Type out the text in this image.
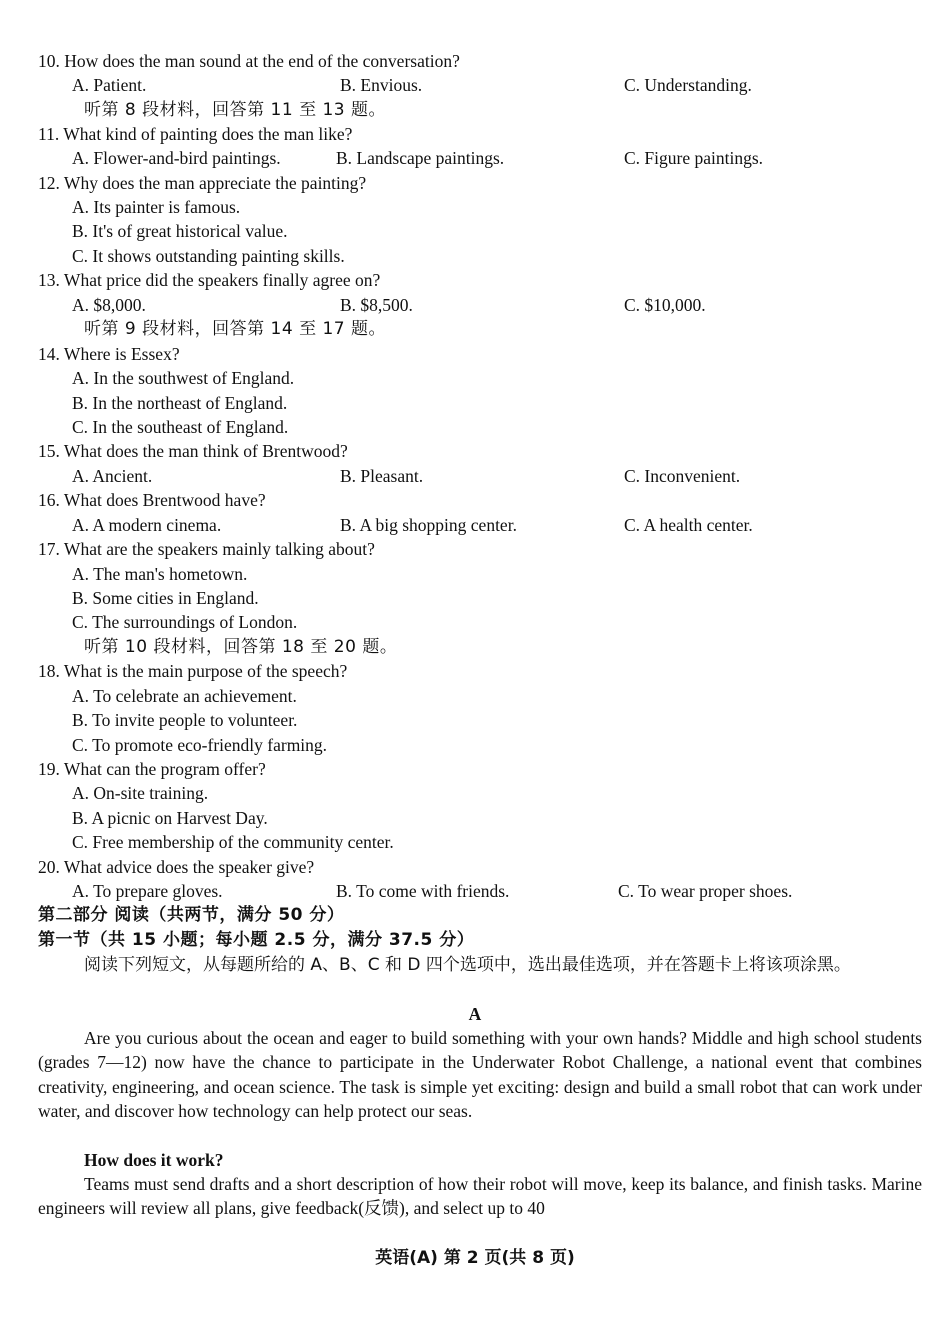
10. How does the man sound at the end of the conversation?
A. Patient.	B. Envious.	C. Understanding.
听第 8 段材料，回答第 11 至 13 题。
11. What kind of painting does the man like?
A. Flower-and-bird paintings.	B. Landscape paintings.	C. Figure paintings.
12. Why does the man appreciate the painting?
A. Its painter is famous.
B. It's of great historical value.
C. It shows outstanding painting skills.
13. What price did the speakers finally agree on?
A. $8,000.	B. $8,500.	C. $10,000.
听第 9 段材料，回答第 14 至 17 题。
14. Where is Essex?
A. In the southwest of England.
B. In the northeast of England.
C. In the southeast of England.
15. What does the man think of Brentwood?
A. Ancient.	B. Pleasant.	C. Inconvenient.
16. What does Brentwood have?
A. A modern cinema.	B. A big shopping center.	C. A health center.
17. What are the speakers mainly talking about?
A. The man's hometown.
B. Some cities in England.
C. The surroundings of London.
听第 10 段材料，回答第 18 至 20 题。
18. What is the main purpose of the speech?
A. To celebrate an achievement.
B. To invite people to volunteer.
C. To promote eco-friendly farming.
19. What can the program offer?
A. On-site training.
B. A picnic on Harvest Day.
C. Free membership of the community center.
20. What advice does the speaker give?
A. To prepare gloves.	B. To come with friends.	C. To wear proper shoes.
第二部分 阅读（共两节，满分 50 分）
第一节（共 15 小题；每小题 2.5 分，满分 37.5 分）
阅读下列短文，从每题所给的 A、B、C 和 D 四个选项中，选出最佳选项，并在答题卡上将该项涂黑。
A
Are you curious about the ocean and eager to build something with your own hands? Middle and high school students (grades 7—12) now have the chance to participate in the Underwater Robot Challenge, a national event that combines creativity, engineering, and ocean science. The task is simple yet exciting: design and build a small robot that can work under water, and discover how technology can help protect our seas.
How does it work?
Teams must send drafts and a short description of how their robot will move, keep its balance, and finish tasks. Marine engineers will review all plans, give feedback(反馈), and select up to 40
英语(A) 第 2 页(共 8 页)
